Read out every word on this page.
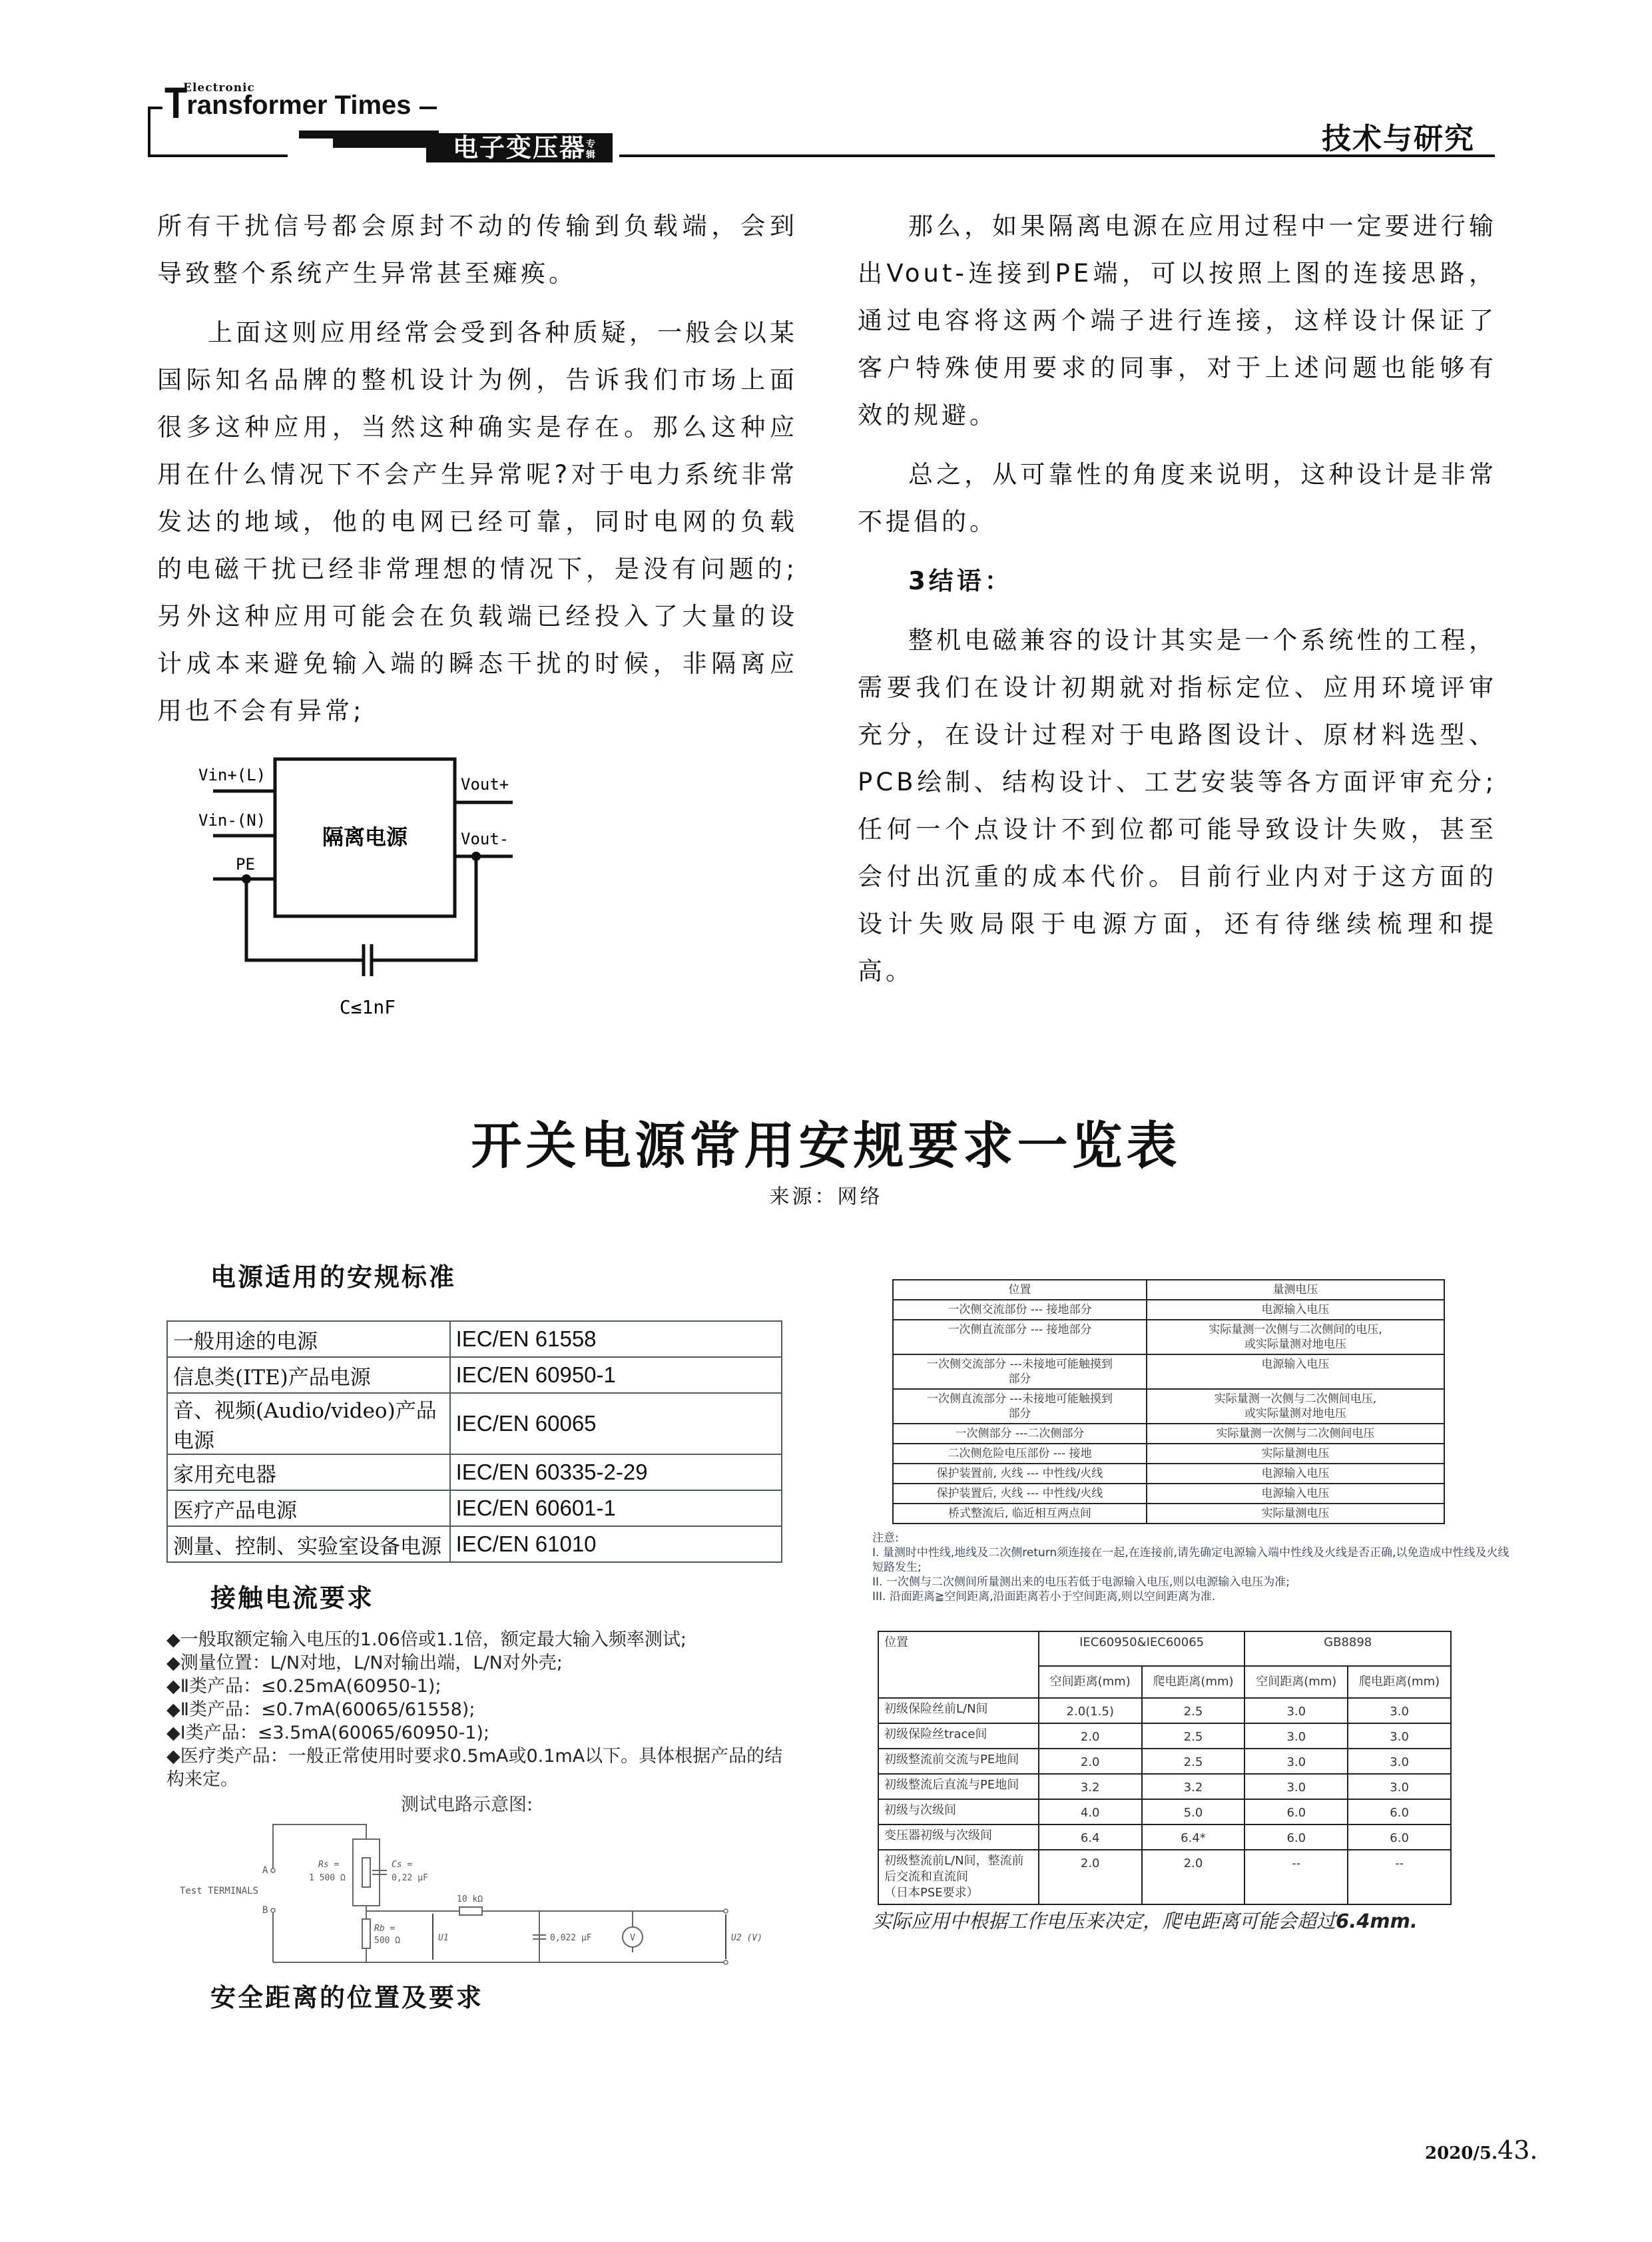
Electronic
Transformer Times
电子变压器专辑	技术与研究

所有干扰信号都会原封不动的传输到负载端，会到导致整个系统产生异常甚至瘫痪。

上面这则应用经常会受到各种质疑，一般会以某国际知名品牌的整机设计为例，告诉我们市场上面很多这种应用，当然这种确实是存在。那么这种应用在什么情况下不会产生异常呢?对于电力系统非常发达的地域，他的电网已经可靠，同时电网的负载的电磁干扰已经非常理想的情况下，是没有问题的;另外这种应用可能会在负载端已经投入了大量的设计成本来避免输入端的瞬态干扰的时候，非隔离应用也不会有异常;

隔离电源
Vin+(L)
Vin-(N)
PE
Vout+
Vout-
C≤1nF

那么，如果隔离电源在应用过程中一定要进行输出Vout-连接到PE端，可以按照上图的连接思路，通过电容将这两个端子进行连接，这样设计保证了客户特殊使用要求的同事，对于上述问题也能够有效的规避。

总之，从可靠性的角度来说明，这种设计是非常不提倡的。

3结语：

整机电磁兼容的设计其实是一个系统性的工程，需要我们在设计初期就对指标定位、应用环境评审充分，在设计过程对于电路图设计、原材料选型、PCB绘制、结构设计、工艺安装等各方面评审充分;任何一个点设计不到位都可能导致设计失败，甚至会付出沉重的成本代价。目前行业内对于这方面的设计失败局限于电源方面，还有待继续梳理和提高。

开关电源常用安规要求一览表
来源：网络
电源适用的安规标准
一般用途的电源	IEC/EN 61558
信息类(ITE)产品电源	IEC/EN 60950-1
音、视频(Audio/video)产品电源	IEC/EN 60065
家用充电器	IEC/EN 60335-2-29
医疗产品电源	IEC/EN 60601-1
测量、控制、实验室设备电源	IEC/EN 61010
接触电流要求
◆一般取额定输入电压的1.06倍或1.1倍，额定最大输入频率测试;
◆测量位置：L/N对地，L/N对输出端，L/N对外壳;
◆Ⅱ类产品：≤0.25mA(60950-1);
◆Ⅱ类产品：≤0.7mA(60065/61558);
◆Ⅰ类产品：≤3.5mA(60065/60950-1);
◆医疗类产品：一般正常使用时要求0.5mA或0.1mA以下。具体根据产品的结构来定。
测试电路示意图:
A
B
Test TERMINALS
Rs =
1 500 Ω
Cs =
0,22 μF
10 kΩ
Rb =
500 Ω	U1	0,022 μF	V	U2 (V)
安全距离的位置及要求
位置	量测电压
一次侧交流部份 --- 接地部分	电源输入电压
一次侧直流部分 --- 接地部分	实际量测一次侧与二次侧间的电压,
或实际量测对地电压
一次侧交流部分 ---未接地可能触摸到
部分	电源输入电压
一次侧直流部分 ---未接地可能触摸到
部分	实际量测一次侧与二次侧间电压,
或实际量测对地电压
一次侧部分 ---二次侧部分	实际量测一次侧与二次侧间电压
二次侧危险电压部份 --- 接地	实际量测电压
保护装置前, 火线 --- 中性线/火线	电源输入电压
保护装置后, 火线 --- 中性线/火线	电源输入电压
桥式整流后, 临近相互两点间	实际量测电压
注意:
I. 量测时中性线,地线及二次侧return须连接在一起,在连接前,请先确定电源输入端中性线及火线是否正确,以免造成中性线及火线短路发生;
II. 一次侧与二次侧间所量测出来的电压若低于电源输入电压,则以电源输入电压为准;
III. 沿面距离≧空间距离,沿面距离若小于空间距离,则以空间距离为准.
位置	IEC60950&IEC60065		GB8898	
	空间距离(mm)	爬电距离(mm)	空间距离(mm)	爬电距离(mm)
初级保险丝前L/N间	2.0(1.5)	2.5	3.0	3.0
初级保险丝trace间	2.0	2.5	3.0	3.0
初级整流前交流与PE地间	2.0	2.5	3.0	3.0
初级整流后直流与PE地间	3.2	3.2	3.0	3.0
初级与次级间	4.0	5.0	6.0	6.0
变压器初级与次级间	6.4	6.4*	6.0	6.0
初级整流前L/N间，整流前后交流和直流间
（日本PSE要求）	2.0	2.0	--	--
实际应用中根据工作电压来决定，爬电距离可能会超过6.4mm.
2020/5.43.
